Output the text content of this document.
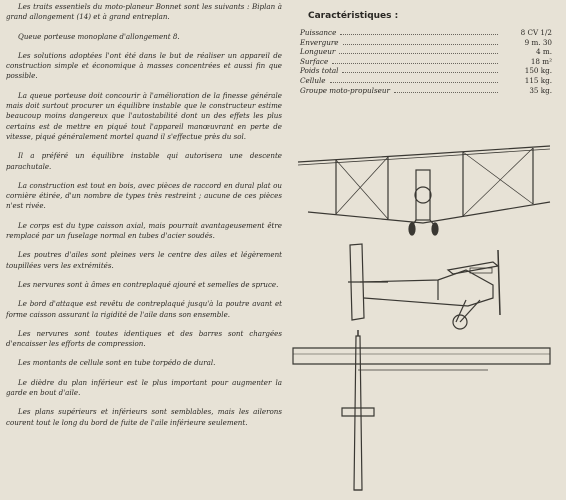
Les traits essentiels du moto-planeur Bonnet sont les suivants : Biplan à grand allongement (14) et à grand entreplan.

Queue porteuse monoplane d'allongement 8.

Les solutions adoptées l'ont été dans le but de réaliser un appareil de construction simple et économique à masses concentrées et aussi fin que possible.

La queue porteuse doit concourir à l'amélioration de la finesse générale mais doit surtout procurer un équilibre instable que le constructeur estime beaucoup moins dangereux que l'autostabilité dont un des effets les plus certains est de mettre en piqué tout l'appareil manœuvrant en perte de vitesse, piqué généralement mortel quand il s'effectue près du sol.

Il a préféré un équilibre instable qui autorisera une descente parachutale.

La construction est tout en bois, avec pièces de raccord en dural plat ou cornière étirée, d'un nombre de types très restreint ; aucune de ces pièces n'est rivée.

Le corps est du type caisson axial, mais pourrait avantageusement être remplacé par un fuselage normal en tubes d'acier soudés.

Les poutres d'ailes sont pleines vers le centre des ailes et légèrement toupillées vers les extrémités.

Les nervures sont à âmes en contreplaqué ajouré et semelles de spruce.

Le bord d'attaque est revêtu de contreplaqué jusqu'à la poutre avant et forme caisson assurant la rigidité de l'aile dans son ensemble.

Les nervures sont toutes identiques et des barres sont chargées d'encaisser les efforts de compression.

Les montants de cellule sont en tube torpédo de dural.

Le dièdre du plan inférieur est le plus important pour augmenter la garde en bout d'aile.

Les plans supérieurs et inférieurs sont semblables, mais les ailerons courent tout le long du bord de fuite de l'aile inférieure seulement.

Caractéristiques :
Puissance	8 CV 1/2
Envergure	9 m. 30
Longueur	4 m.
Surface	18 m²
Poids total	150 kg.
Cellule	115 kg.
Groupe moto-propulseur	35 kg.
